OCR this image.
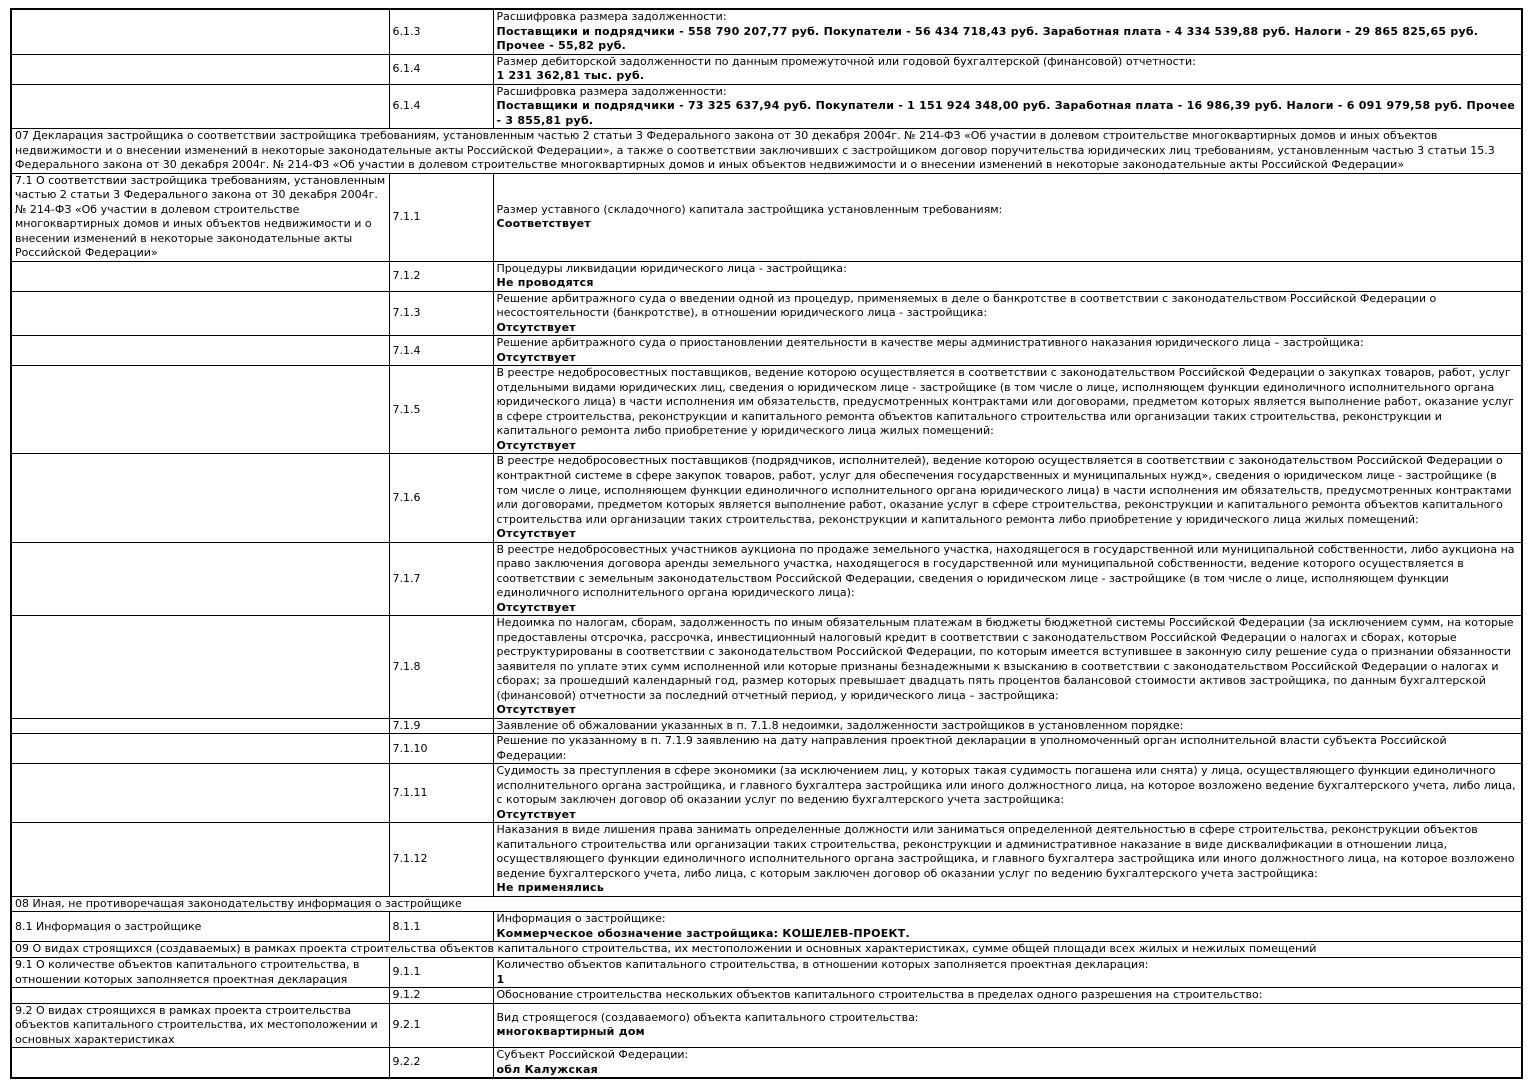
	6.1.3	Расшифровка размера задолженности:
Поставщики и подрядчики - 558 790 207,77 руб. Покупатели - 56 434 718,43 руб. Заработная плата - 4 334 539,88 руб. Налоги - 29 865 825,65 руб. Прочее - 55,82 руб.

	6.1.4	Размер дебиторской задолженности по данным промежуточной или годовой бухгалтерской (финансовой) отчетности:
1 231 362,81 тыс. руб.

	6.1.4	Расшифровка размера задолженности:
Поставщики и подрядчики - 73 325 637,94 руб. Покупатели - 1 151 924 348,00 руб. Заработная плата - 16 986,39 руб. Налоги - 6 091 979,58 руб. Прочее - 3 855,81 руб.

07 Декларация застройщика о соответствии застройщика требованиям, установленным частью 2 статьи 3 Федерального закона от 30 декабря 2004г. № 214-ФЗ «Об участии в долевом строительстве многоквартирных домов и иных объектов недвижимости и о внесении изменений в некоторые законодательные акты Российской Федерации», а также о соответствии заключивших с застройщиком договор поручительства юридических лиц требованиям, установленным частью 3 статьи 15.3 Федерального закона от 30 декабря 2004г. № 214-ФЗ «Об участии в долевом строительстве многоквартирных домов и иных объектов недвижимости и о внесении изменений в некоторые законодательные акты Российской Федерации»		
7.1 О соответствии застройщика требованиям, установленным частью 2 статьи 3 Федерального закона от 30 декабря 2004г. № 214-ФЗ «Об участии в долевом строительстве многоквартирных домов и иных объектов недвижимости и о внесении изменений в некоторые законодательные акты Российской Федерации»	7.1.1	Размер уставного (складочного) капитала застройщика установленным требованиям:
Соответствует

	7.1.2	Процедуры ликвидации юридического лица - застройщика:
Не проводятся

	7.1.3	Решение арбитражного суда о введении одной из процедур, применяемых в деле о банкротстве в соответствии с законодательством Российской Федерации о несостоятельности (банкротстве), в отношении юридического лица - застройщика:
Отсутствует

	7.1.4	Решение арбитражного суда о приостановлении деятельности в качестве меры административного наказания юридического лица – застройщика:
Отсутствует

	7.1.5	В реестре недобросовестных поставщиков, ведение которою осуществляется в соответствии с законодательством Российской Федерации о закупках товаров, работ, услуг отдельными видами юридических лиц, сведения о юридическом лице - застройщике (в том числе о лице, исполняющем функции единоличного исполнительного органа юридического лица) в части исполнения им обязательств, предусмотренных контрактами или договорами, предметом которых является выполнение работ, оказание услуг в сфере строительства, реконструкции и капитального ремонта объектов капитального строительства или организации таких строительства, реконструкции и капитального ремонта либо приобретение у юридического лица жилых помещений:
Отсутствует

	7.1.6	В реестре недобросовестных поставщиков (подрядчиков, исполнителей), ведение которою осуществляется в соответствии с законодательством Российской Федерации о контрактной системе в сфере закупок товаров, работ, услуг для обеспечения государственных и муниципальных нужд», сведения о юридическом лице - застройщике (в том числе о лице, исполняющем функции единоличного исполнительного органа юридического лица) в части исполнения им обязательств, предусмотренных контрактами или договорами, предметом которых является выполнение работ, оказание услуг в сфере строительства, реконструкции и капитального ремонта объектов капитального строительства или организации таких строительства, реконструкции и капитального ремонта либо приобретение у юридического лица жилых помещений:
Отсутствует

	7.1.7	В реестре недобросовестных участников аукциона по продаже земельного участка, находящегося в государственной или муниципальной собственности, либо аукциона на право заключения договора аренды земельного участка, находящегося в государственной или муниципальной собственности, ведение которого осуществляется в соответствии с земельным законодательством Российской Федерации, сведения о юридическом лице - застройщике (в том числе о лице, исполняющем функции единоличного исполнительного органа юридического лица):
Отсутствует

	7.1.8	Недоимка по налогам, сборам, задолженность по иным обязательным платежам в бюджеты бюджетной системы Российской Федерации (за исключением сумм, на которые предоставлены отсрочка, рассрочка, инвестиционный налоговый кредит в соответствии с законодательством Российской Федерации о налогах и сборах, которые реструктурированы в соответствии с законодательством Российской Федерации, по которым имеется вступившее в законную силу решение суда о признании обязанности заявителя по уплате этих сумм исполненной или которые признаны безнадежными к взысканию в соответствии с законодательством Российской Федерации о налогах и сборах; за прошедший календарный год, размер которых превышает двадцать пять процентов балансовой стоимости активов застройщика, по данным бухгалтерской (финансовой) отчетности за последний отчетный период, у юридического лица – застройщика:
Отсутствует

	7.1.9	Заявление об обжаловании указанных в п. 7.1.8 недоимки, задолженности застройщиков в установленном порядке:

	7.1.10	Решение по указанному в п. 7.1.9 заявлению на дату направления проектной декларации в уполномоченный орган исполнительной власти субъекта Российской Федерации:

	7.1.11	Судимость за преступления в сфере экономики (за исключением лиц, у которых такая судимость погашена или снята) у лица, осуществляющего функции единоличного исполнительного органа застройщика, и главного бухгалтера застройщика или иного должностного лица, на которое возложено ведение бухгалтерского учета, либо лица, с которым заключен договор об оказании услуг по ведению бухгалтерского учета застройщика:
Отсутствует

	7.1.12	Наказания в виде лишения права занимать определенные должности или заниматься определенной деятельностью в сфере строительства, реконструкции объектов капитального строительства или организации таких строительства, реконструкции и административное наказание в виде дисквалификации в отношении лица, осуществляющего функции единоличного исполнительного органа застройщика, и главного бухгалтера застройщика или иного должностного лица, на которое возложено ведение бухгалтерского учета, либо лица, с которым заключен договор об оказании услуг по ведению бухгалтерского учета застройщика:
Не применялись

08 Иная, не противоречащая законодательству информация о застройщике		
8.1 Информация о застройщике	8.1.1	Информация о застройщике:
Коммерческое обозначение застройщика: КОШЕЛЕВ-ПРОЕКТ.

09 О видах строящихся (создаваемых) в рамках проекта строительства объектов капитального строительства, их местоположении и основных характеристиках, сумме общей площади всех жилых и нежилых помещений		
9.1 О количестве объектов капитального строительства, в отношении которых заполняется проектная декларация	9.1.1	Количество объектов капитального строительства, в отношении которых заполняется проектная декларация:
1

	9.1.2	Обоснование строительства нескольких объектов капитального строительства в пределах одного разрешения на строительство:

9.2 О видах строящихся в рамках проекта строительства объектов капитального строительства, их местоположении и основных характеристиках	9.2.1	Вид строящегося (создаваемого) объекта капитального строительства:
многоквартирный дом

	9.2.2	Субъект Российской Федерации:
обл Калужская
